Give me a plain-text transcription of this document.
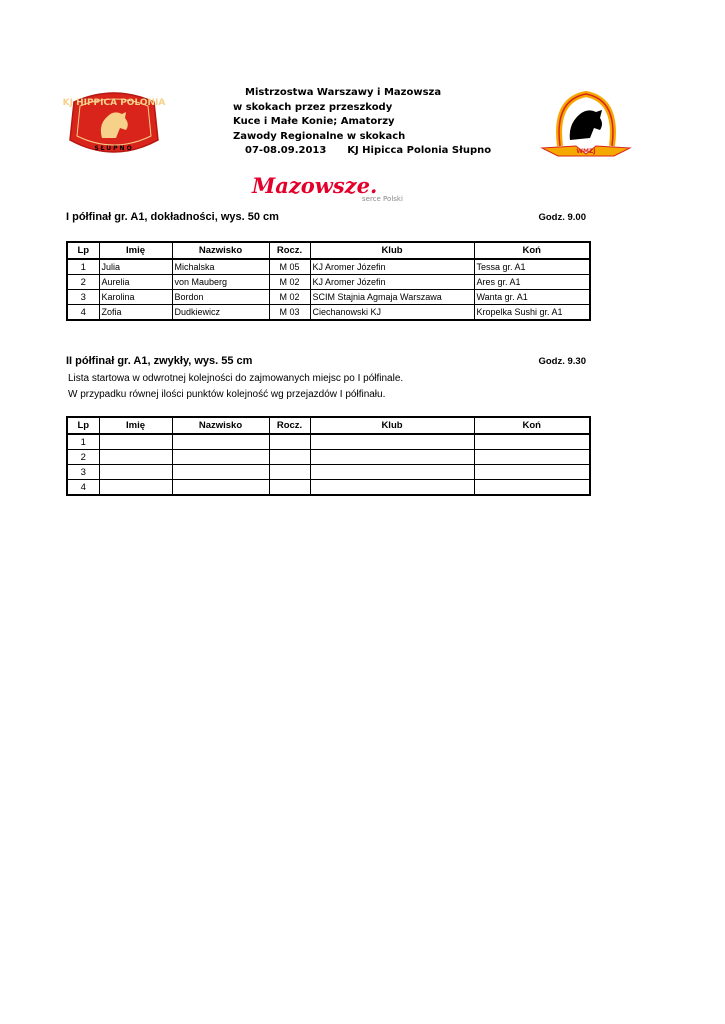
KJ HIPPICA POLONIA
SŁUPNO
Mistrzostwa Warszawy i Mazowsza
w skokach przez przeszkody
Kuce i Małe Konie; Amatorzy
Zawody Regionalne w skokach
07-08.09.2013      KJ Hipicca Polonia Słupno	WMZJ
Mazowsze.
serce Polski
I półfinał gr. A1, dokładności, wys. 50 cm	Godz. 9.00
Lp	Imię	Nazwisko	Rocz.	Klub	Koń
1	Julia	Michalska	M 05	KJ Aromer Józefin	Tessa gr. A1
2	Aurelia	von Mauberg	M 02	KJ Aromer Józefin	Ares gr. A1
3	Karolina	Bordon	M 02	SCIM Stajnia Agmaja Warszawa	Wanta gr. A1
4	Zofia	Dudkiewicz	M 03	Ciechanowski KJ	Kropelka Sushi gr. A1
II półfinał gr. A1, zwykły, wys. 55 cm	Godz. 9.30
Lista startowa w odwrotnej kolejności do zajmowanych miejsc po I półfinale.
W przypadku równej ilości punktów kolejność wg przejazdów I półfinału.
Lp	Imię	Nazwisko	Rocz.	Klub	Koń
1					
2					
3					
4					
